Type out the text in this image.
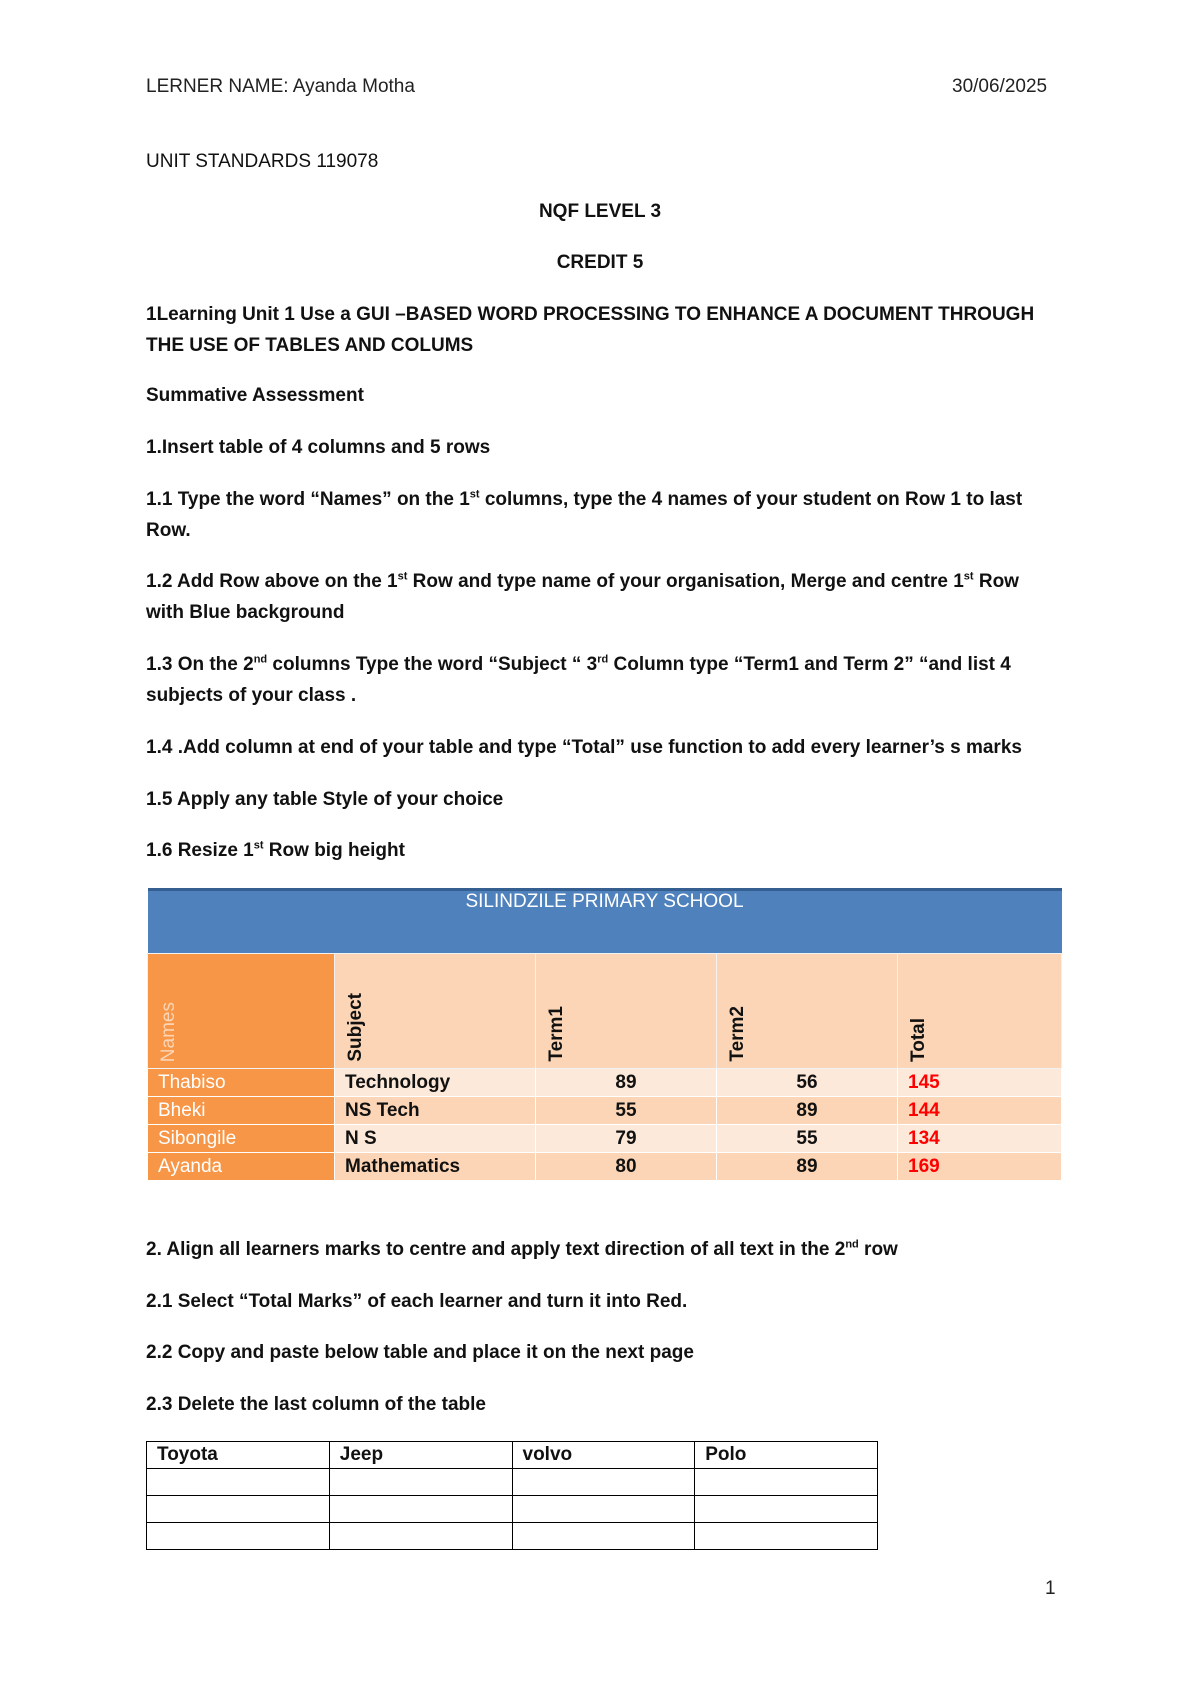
LERNER NAME: Ayanda Motha	30/06/2025
UNIT STANDARDS 119078
NQF LEVEL 3
CREDIT 5
1Learning Unit 1 Use a GUI –BASED WORD PROCESSING TO ENHANCE A DOCUMENT THROUGH
THE USE OF TABLES AND COLUMS
Summative Assessment
1.Insert table of 4 columns and 5 rows
1.1 Type the word “Names” on the 1st columns, type the 4 names of your student on Row 1 to last
Row.
1.2 Add Row above on the 1st Row and type name of your organisation, Merge and centre 1st Row
with Blue background
1.3 On the 2nd columns Type the word “Subject “ 3rd Column type “Term1 and Term 2” “and list 4
subjects of your class .
1.4 .Add column at end of your table and type “Total” use function to add every learner’s s marks
1.5 Apply any table Style of your choice
1.6 Resize 1st Row big height
SILINDZILE PRIMARY SCHOOL				
Names	Subject	Term1	Term2	Total
Thabiso	Technology	89	56	145
Bheki	NS Tech	55	89	144
Sibongile	N S	79	55	134
Ayanda	Mathematics	80	89	169
2. Align all learners marks to centre and apply text direction of all text in the 2nd row
2.1 Select “Total Marks” of each learner and turn it into Red.
2.2 Copy and paste below table and place it on the next page
2.3 Delete the last column of the table
Toyota	Jeep	volvo	Polo

1
